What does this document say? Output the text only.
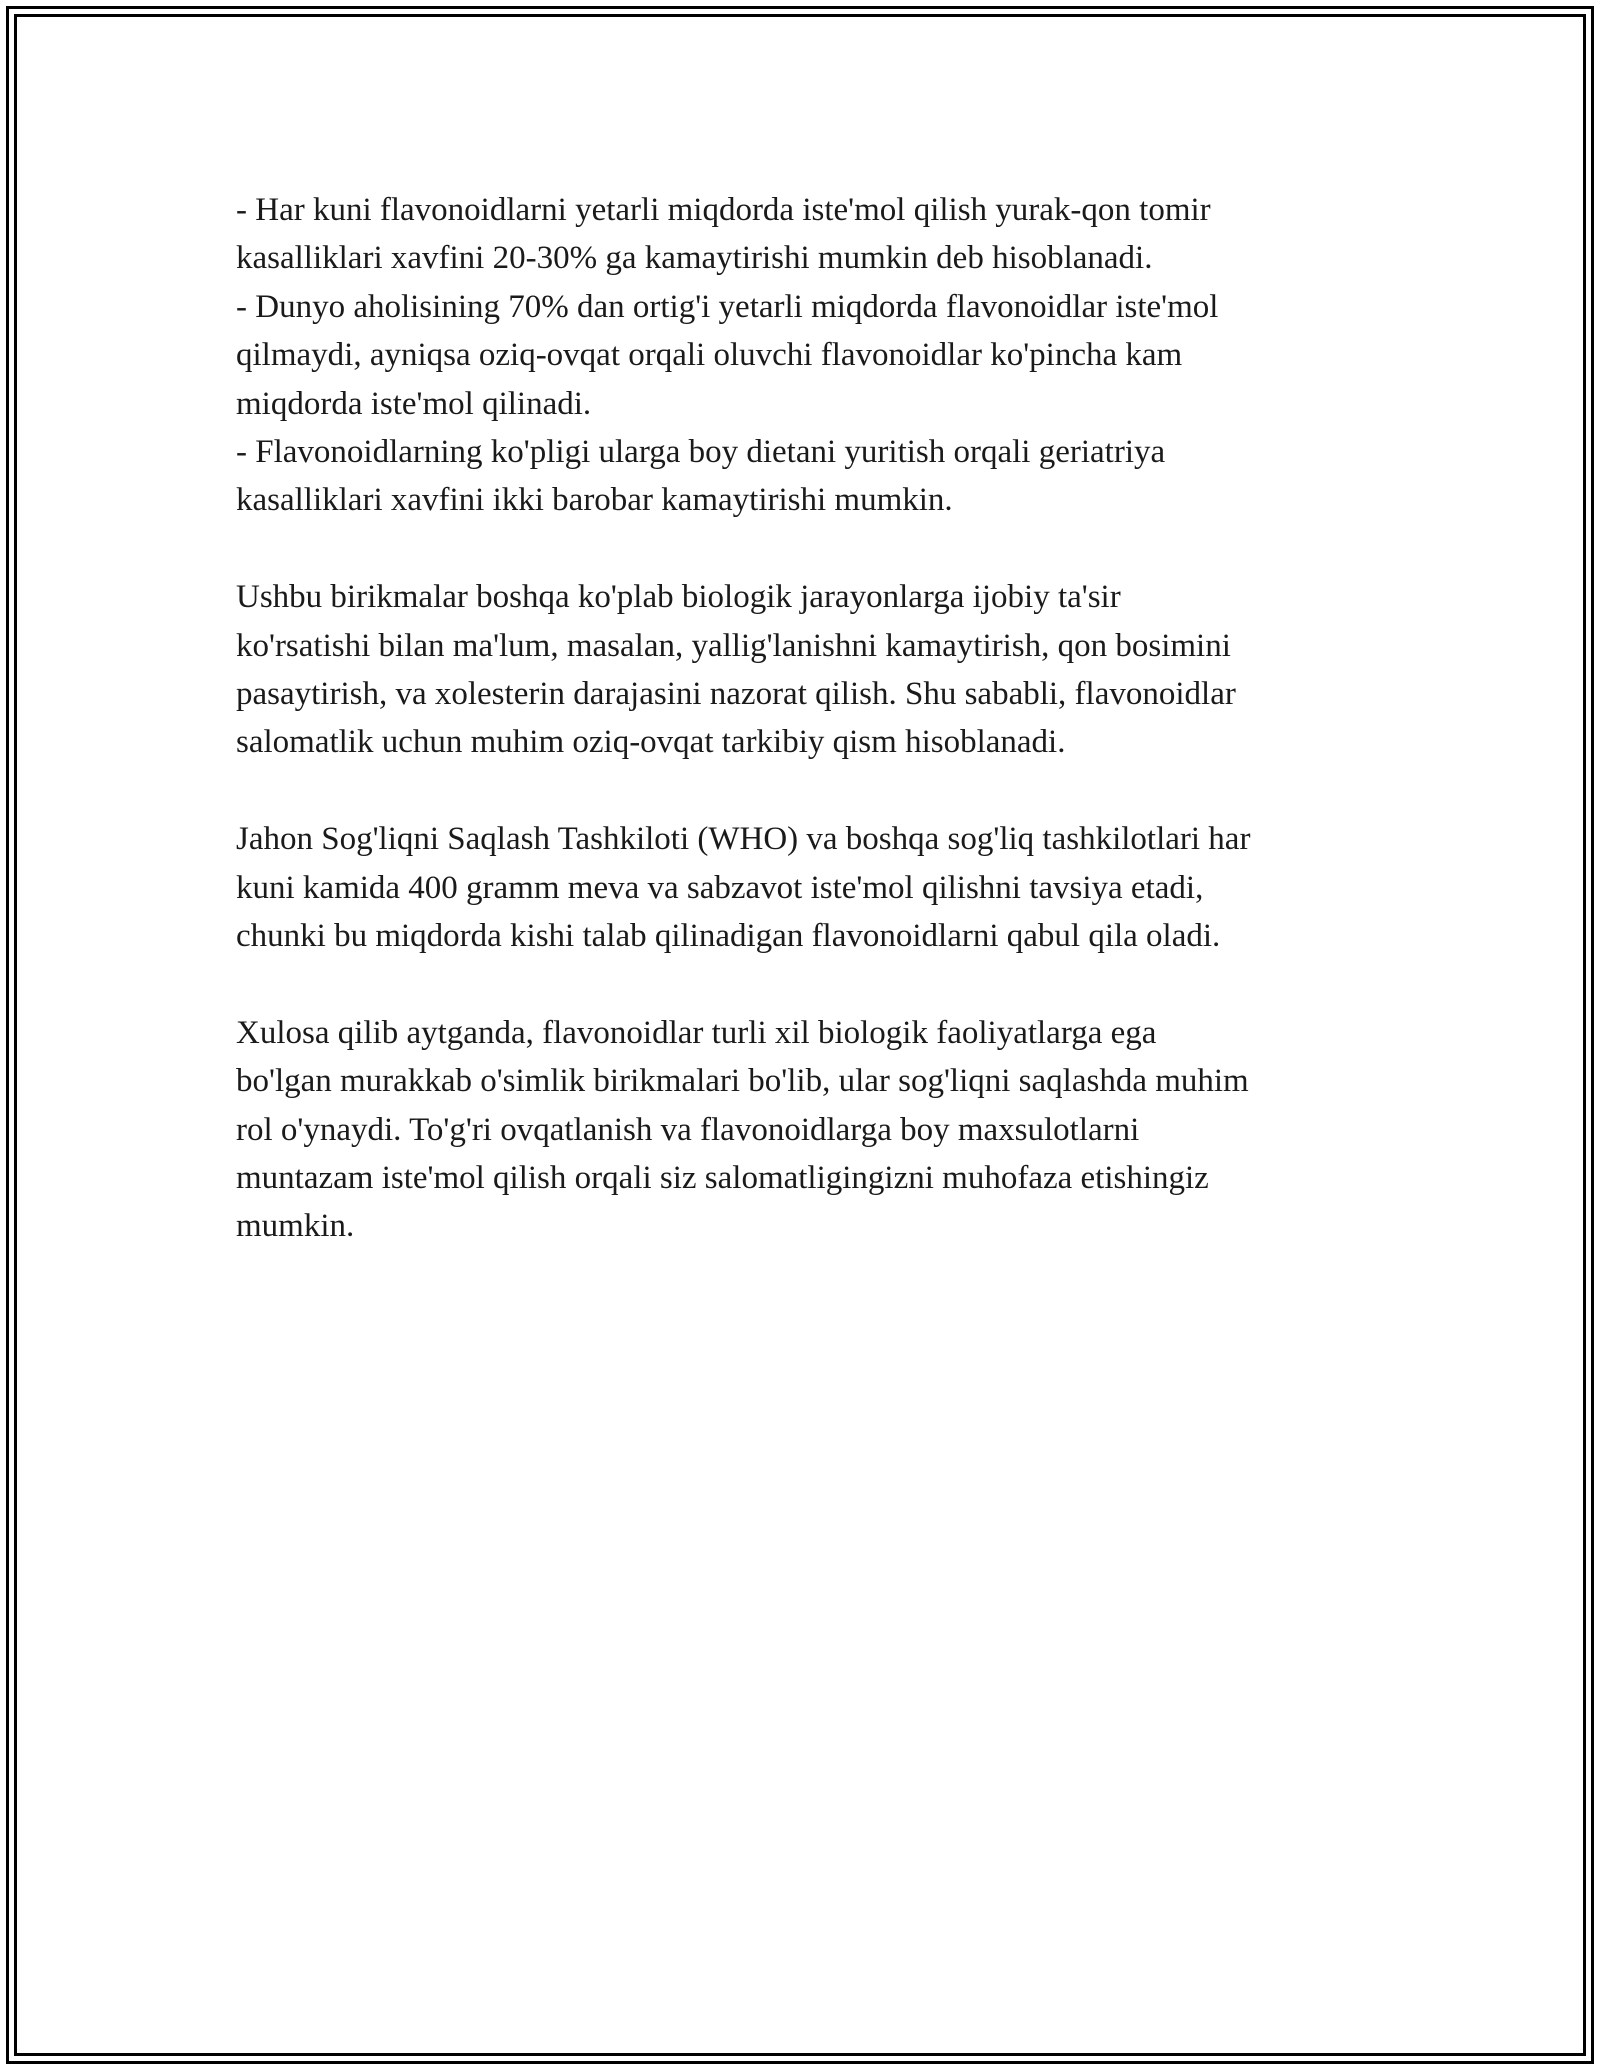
- Har kuni flavonoidlarni yetarli miqdorda iste'mol qilish yurak-qon tomir
kasalliklari xavfini 20-30% ga kamaytirishi mumkin deb hisoblanadi.
- Dunyo aholisining 70% dan ortig'i yetarli miqdorda flavonoidlar iste'mol
qilmaydi, ayniqsa oziq-ovqat orqali oluvchi flavonoidlar ko'pincha kam
miqdorda iste'mol qilinadi.
- Flavonoidlarning ko'pligi ularga boy dietani yuritish orqali geriatriya
kasalliklari xavfini ikki barobar kamaytirishi mumkin.

Ushbu birikmalar boshqa ko'plab biologik jarayonlarga ijobiy ta'sir
ko'rsatishi bilan ma'lum, masalan, yallig'lanishni kamaytirish, qon bosimini
pasaytirish, va xolesterin darajasini nazorat qilish. Shu sababli, flavonoidlar
salomatlik uchun muhim oziq-ovqat tarkibiy qism hisoblanadi.

Jahon Sog'liqni Saqlash Tashkiloti (WHO) va boshqa sog'liq tashkilotlari har
kuni kamida 400 gramm meva va sabzavot iste'mol qilishni tavsiya etadi,
chunki bu miqdorda kishi talab qilinadigan flavonoidlarni qabul qila oladi.

Xulosa qilib aytganda, flavonoidlar turli xil biologik faoliyatlarga ega
bo'lgan murakkab o'simlik birikmalari bo'lib, ular sog'liqni saqlashda muhim
rol o'ynaydi. To'g'ri ovqatlanish va flavonoidlarga boy maxsulotlarni
muntazam iste'mol qilish orqali siz salomatligingizni muhofaza etishingiz
mumkin.
